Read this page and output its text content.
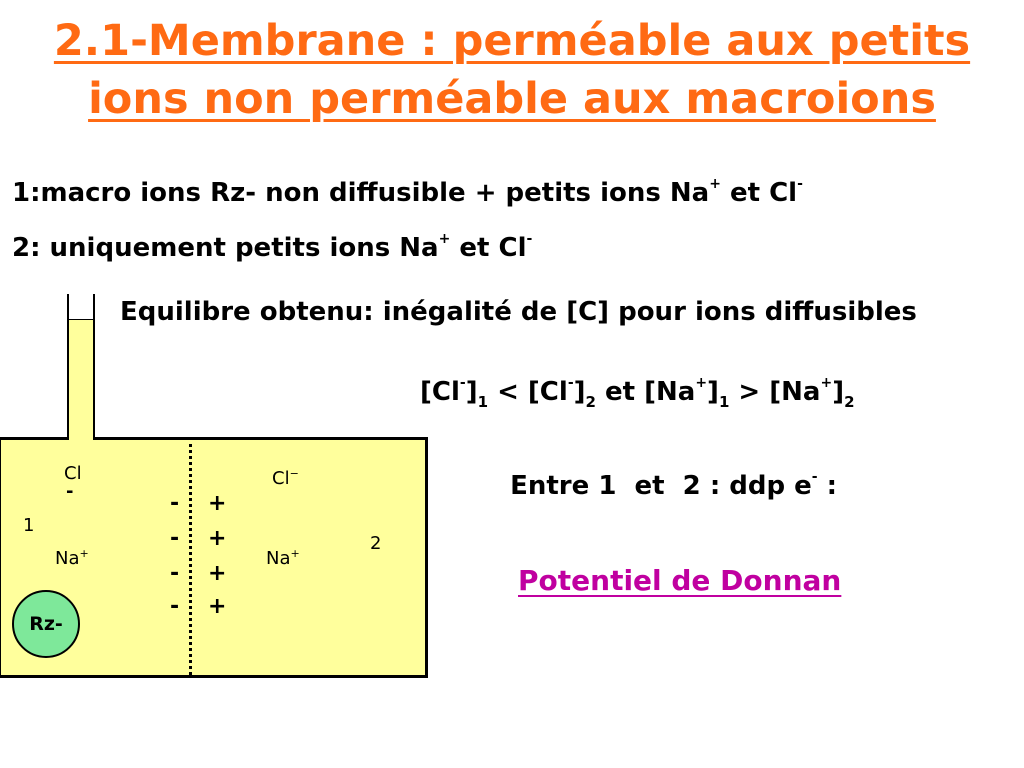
2.1-Membrane : perméable aux petits
ions non perméable aux macroions
1:macro ions Rz- non diffusible + petits ions Na+ et Cl-
2: uniquement petits ions Na+ et Cl-
Equilibre obtenu: inégalité de [C] pour ions diffusibles
$[Cl^-]_1 < [Cl^-]_2$ et $[Na^+]_1 > [Na^+]_2$

Entre 1  et  2 : ddp e- :

Potentiel de Donnan
1
2
Cl
-
Na+
Cl−
Na+
-
-
-
-
+
+
+
+
Rz-
